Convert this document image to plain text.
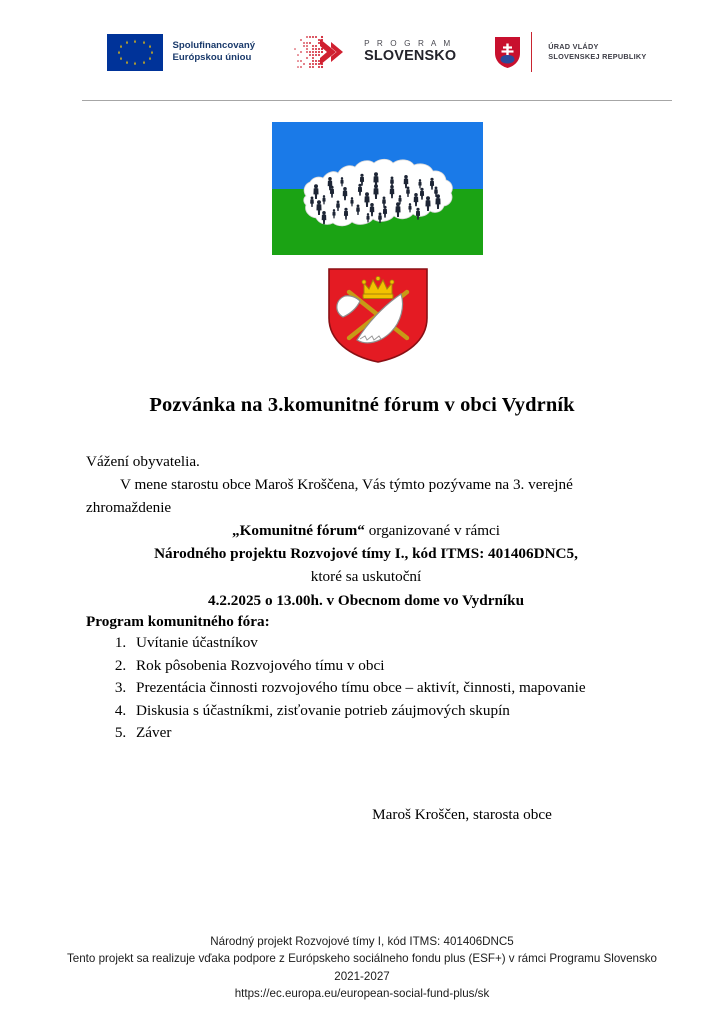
Spolufinancovaný
Európskou úniou
P R O G R A M
SLOVENSKO
ÚRAD VLÁDY
SLOVENSKEJ REPUBLIKY
Pozvánka na 3.komunitné fórum v obci Vydrník
Vážení obyvatelia.
V mene starostu obce Maroš Kroščena, Vás týmto pozývame na 3. verejné zhromaždenie
„Komunitné fórum“ organizované v rámci
Národného projektu Rozvojové tímy I., kód ITMS: 401406DNC5,
ktoré sa uskutoční
4.2.2025 o 13.00h. v Obecnom dome vo Vydrníku
Program komunitného fóra:
1. Uvítanie účastníkov
2. Rok pôsobenia Rozvojového tímu v obci
3. Prezentácia činnosti rozvojového tímu obce – aktivít, činnosti, mapovanie
4. Diskusia s účastníkmi, zisťovanie potrieb záujmových skupín
5. Záver
Maroš Kroščen, starosta obce
Národný projekt Rozvojové tímy I, kód ITMS: 401406DNC5
Tento projekt sa realizuje vďaka podpore z Európskeho sociálneho fondu plus (ESF+) v rámci Programu Slovensko
2021-2027
https://ec.europa.eu/european-social-fund-plus/sk
